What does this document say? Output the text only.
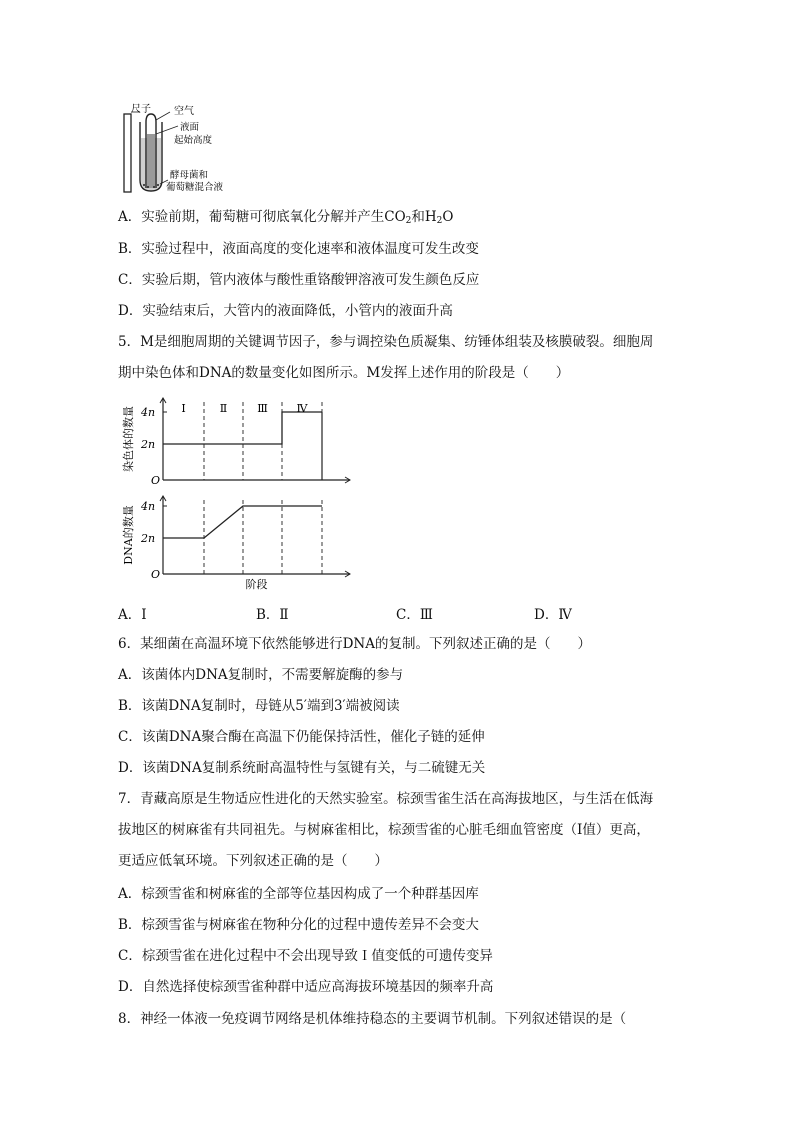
尺子 空气
液面
起始高度
酵母菌和
葡萄糖混合液
A．实验前期，葡萄糖可彻底氧化分解并产生$CO_2$和$H_2O$
B．实验过程中，液面高度的变化速率和液体温度可发生改变
C．实验后期，管内液体与酸性重铬酸钾溶液可发生颜色反应
D．实验结束后，大管内的液面降低，小管内的液面升高
5．M是细胞周期的关键调节因子，参与调控染色质凝集、纺锤体组装及核膜破裂。细胞周
期中染色体和DNA的数量变化如图所示。M发挥上述作用的阶段是（　　）
4n
2n
O
染色体的数量	Ⅰ	Ⅱ	Ⅲ	Ⅳ
4n
2n
O
DNA的数量
阶段
A．Ⅰ	B．Ⅱ	C．Ⅲ	D．Ⅳ
6．某细菌在高温环境下依然能够进行DNA的复制。下列叙述正确的是（　　）
A．该菌体内DNA复制时，不需要解旋酶的参与
B．该菌DNA复制时，母链从5′端到3′端被阅读
C．该菌DNA聚合酶在高温下仍能保持活性，催化子链的延伸
D．该菌DNA复制系统耐高温特性与氢键有关，与二硫键无关
7．青藏高原是生物适应性进化的天然实验室。棕颈雪雀生活在高海拔地区，与生活在低海
拔地区的树麻雀有共同祖先。与树麻雀相比，棕颈雪雀的心脏毛细血管密度（I值）更高，
更适应低氧环境。下列叙述正确的是（　　）
A．棕颈雪雀和树麻雀的全部等位基因构成了一个种群基因库
B．棕颈雪雀与树麻雀在物种分化的过程中遗传差异不会变大
C．棕颈雪雀在进化过程中不会出现导致Ｉ值变低的可遗传变异
D．自然选择使棕颈雪雀种群中适应高海拔环境基因的频率升高
8．神经一体液一免疫调节网络是机体维持稳态的主要调节机制。下列叙述错误的是（
